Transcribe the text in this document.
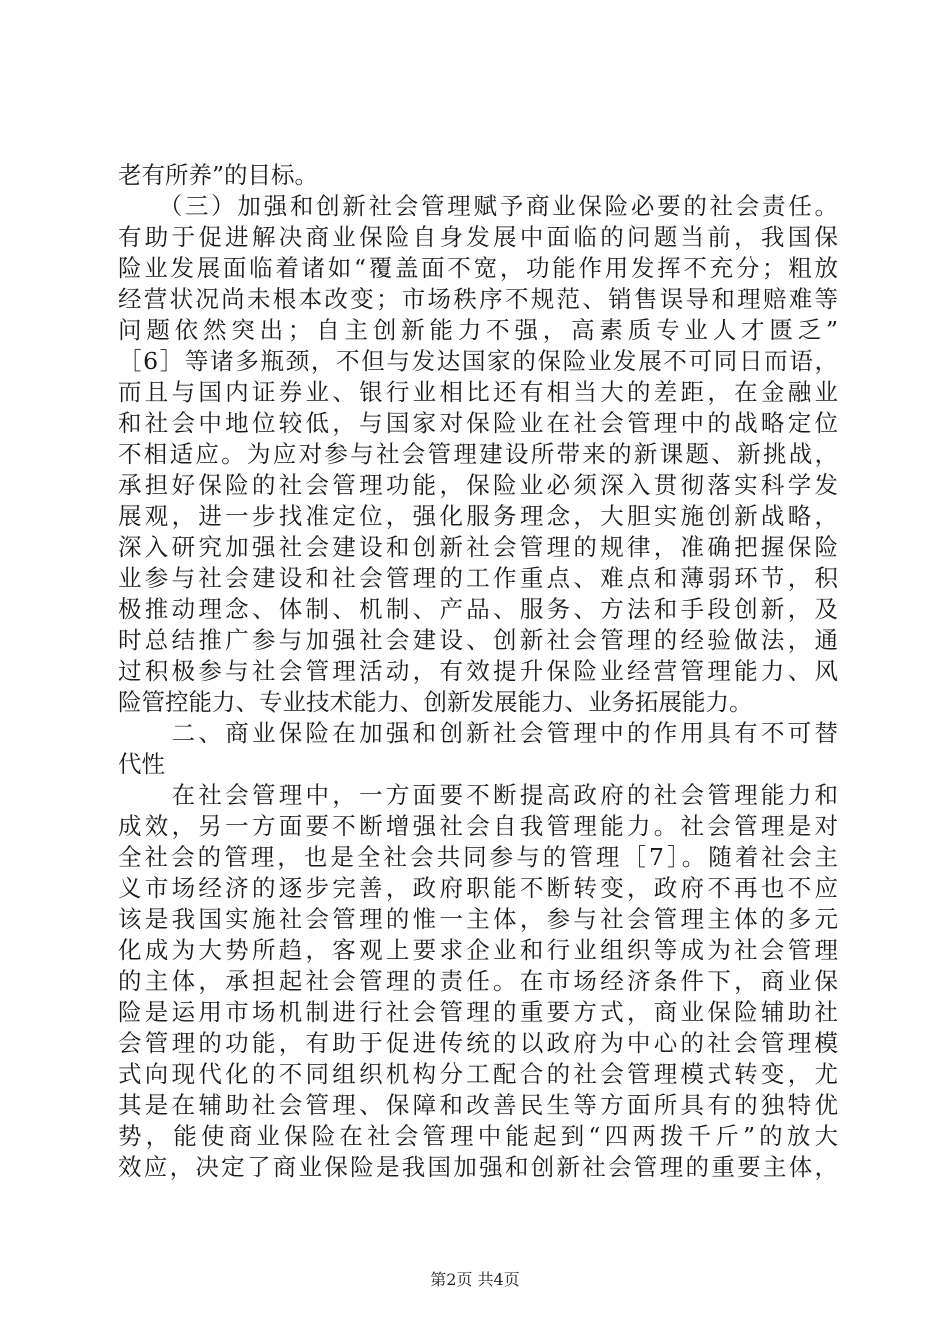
老有所养”的目标。
　　（三）加强和创新社会管理赋予商业保险必要的社会责任。
有助于促进解决商业保险自身发展中面临的问题当前，我国保
险业发展面临着诸如“覆盖面不宽，功能作用发挥不充分；粗放
经营状况尚未根本改变；市场秩序不规范、销售误导和理赔难等
问题依然突出；自主创新能力不强，高素质专业人才匮乏”
［6］等诸多瓶颈，不但与发达国家的保险业发展不可同日而语，
而且与国内证券业、银行业相比还有相当大的差距，在金融业
和社会中地位较低，与国家对保险业在社会管理中的战略定位
不相适应。为应对参与社会管理建设所带来的新课题、新挑战，
承担好保险的社会管理功能，保险业必须深入贯彻落实科学发
展观，进一步找准定位，强化服务理念，大胆实施创新战略，
深入研究加强社会建设和创新社会管理的规律，准确把握保险
业参与社会建设和社会管理的工作重点、难点和薄弱环节，积
极推动理念、体制、机制、产品、服务、方法和手段创新，及
时总结推广参与加强社会建设、创新社会管理的经验做法，通
过积极参与社会管理活动，有效提升保险业经营管理能力、风
险管控能力、专业技术能力、创新发展能力、业务拓展能力。
　　二、商业保险在加强和创新社会管理中的作用具有不可替
代性
　　在社会管理中，一方面要不断提高政府的社会管理能力和
成效，另一方面要不断增强社会自我管理能力。社会管理是对
全社会的管理，也是全社会共同参与的管理［7］。随着社会主
义市场经济的逐步完善，政府职能不断转变，政府不再也不应
该是我国实施社会管理的惟一主体，参与社会管理主体的多元
化成为大势所趋，客观上要求企业和行业组织等成为社会管理
的主体，承担起社会管理的责任。在市场经济条件下，商业保
险是运用市场机制进行社会管理的重要方式，商业保险辅助社
会管理的功能，有助于促进传统的以政府为中心的社会管理模
式向现代化的不同组织机构分工配合的社会管理模式转变，尤
其是在辅助社会管理、保障和改善民生等方面所具有的独特优
势，能使商业保险在社会管理中能起到“四两拨千斤”的放大
效应，决定了商业保险是我国加强和创新社会管理的重要主体，
第2页 共4页
